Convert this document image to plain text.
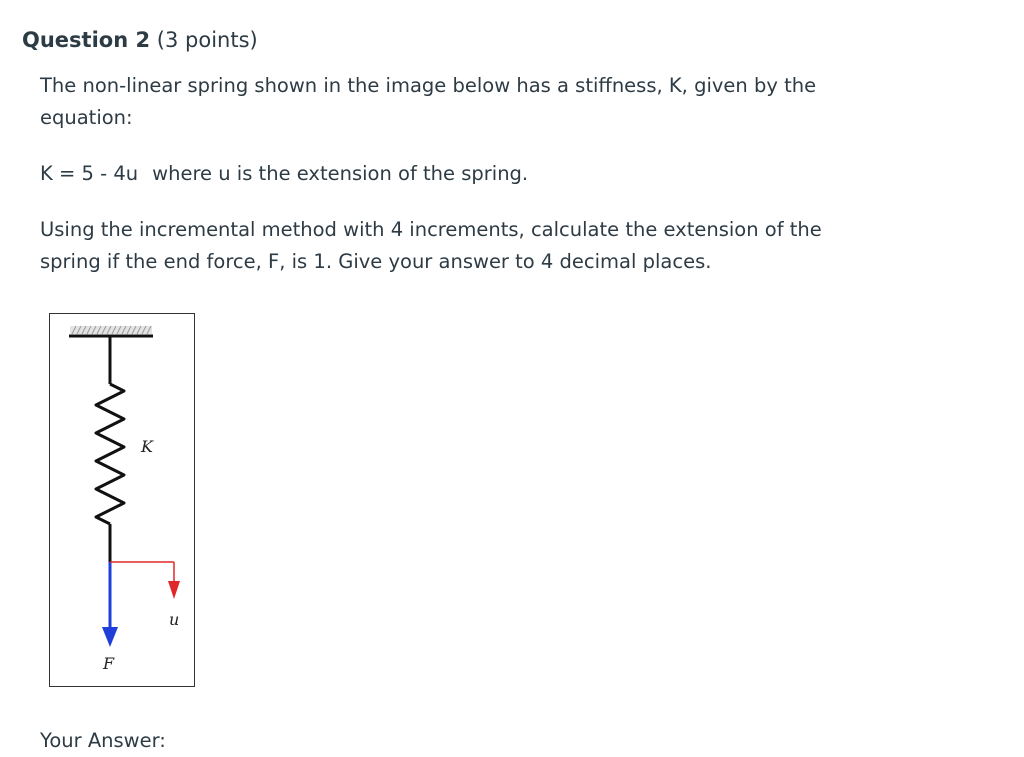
Question 2 (3 points)

The non-linear spring shown in the image below has a stiffness, K, given by the equation:

K = 5 - 4u where u is the extension of the spring.

Using the incremental method with 4 increments, calculate the extension of the spring if the end force, F, is 1. Give your answer to 4 decimal places.

K
u
F
Your Answer:
